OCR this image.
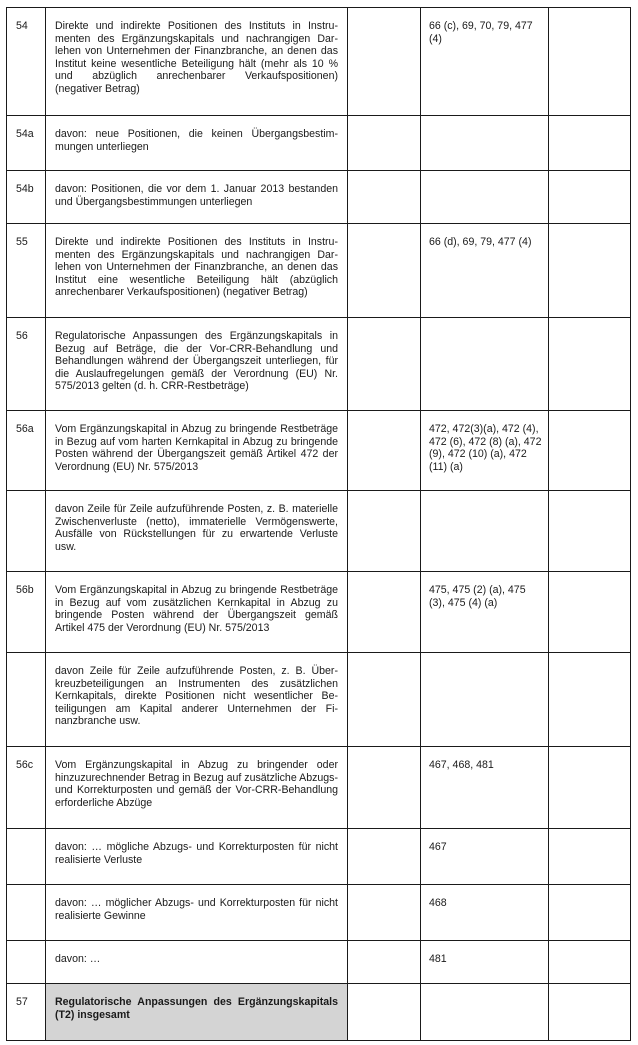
54	Direkte und indirekte Positionen des Instituts in Instrumenten des Ergänzungskapitals und nachrangigen Darlehen von Unternehmen der Finanzbranche, an denen das Institut keine wesentliche Beteiligung hält (mehr als 10 % und abzüglich anrechenbarer Verkaufspositionen) (negativer Betrag)		66 (c), 69, 70, 79, 477 (4)	
54a	davon: neue Positionen, die keinen Übergangsbestimmungen unterliegen			
54b	davon: Positionen, die vor dem 1. Januar 2013 bestanden und Übergangsbestimmungen unterliegen			
55	Direkte und indirekte Positionen des Instituts in Instrumenten des Ergänzungskapitals und nachrangigen Darlehen von Unternehmen der Finanzbranche, an denen das Institut eine wesentliche Beteiligung hält (abzüglich anrechenbarer Verkaufspositionen) (negativer Betrag)		66 (d), 69, 79, 477 (4)	
56	Regulatorische Anpassungen des Ergänzungskapitals in Bezug auf Beträge, die der Vor-CRR-Behandlung und Behandlungen während der Übergangszeit unterliegen, für die Auslaufregelungen gemäß der Verordnung (EU) Nr. 575/2013 gelten (d. h. CRR-Restbeträge)			
56a	Vom Ergänzungskapital in Abzug zu bringende Restbeträge in Bezug auf vom harten Kernkapital in Abzug zu bringende Posten während der Übergangszeit gemäß Artikel 472 der Verordnung (EU) Nr. 575/2013		472, 472(3)(a), 472 (4), 472 (6), 472 (8) (a), 472 (9), 472 (10) (a), 472 (11) (a)	
	davon Zeile für Zeile aufzuführende Posten, z. B. materielle Zwischenverluste (netto), immaterielle Vermögenswerte, Ausfälle von Rückstellungen für zu erwartende Verluste usw.			
56b	Vom Ergänzungskapital in Abzug zu bringende Restbeträge in Bezug auf vom zusätzlichen Kernkapital in Abzug zu bringende Posten während der Übergangszeit gemäß Artikel 475 der Verordnung (EU) Nr. 575/2013		475, 475 (2) (a), 475 (3), 475 (4) (a)	
	davon Zeile für Zeile aufzuführende Posten, z. B. Überkreuzbeteiligungen an Instrumenten des zusätzlichen Kernkapitals, direkte Positionen nicht wesentlicher Beteiligungen am Kapital anderer Unternehmen der Finanzbranche usw.			
56c	Vom Ergänzungskapital in Abzug zu bringender oder hinzuzurechnender Betrag in Bezug auf zusätzliche Abzugs- und Korrekturposten und gemäß der Vor-CRR-Behandlung erforderliche Abzüge		467, 468, 481	
	davon: … mögliche Abzugs- und Korrekturposten für nicht realisierte Verluste		467	
	davon: … möglicher Abzugs- und Korrekturposten für nicht realisierte Gewinne		468	
	davon: …		481	
57	Regulatorische Anpassungen des Ergänzungskapitals (T2) insgesamt			
